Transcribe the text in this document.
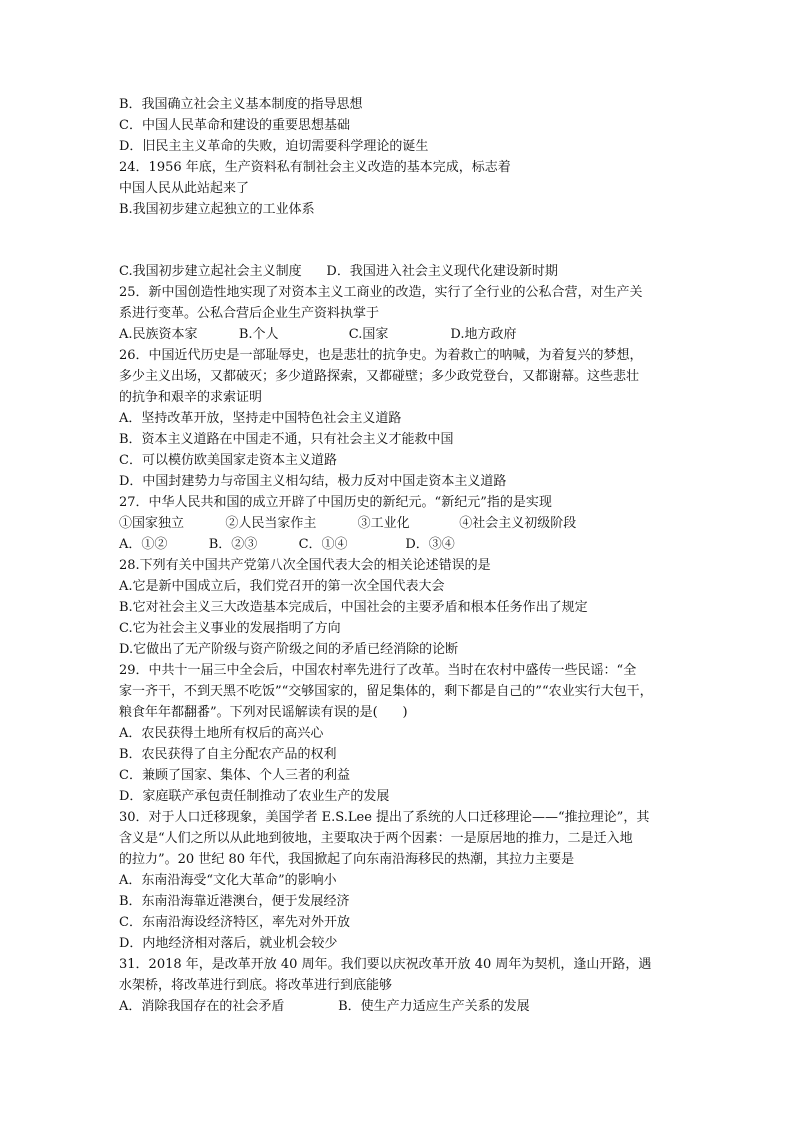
B．我国确立社会主义基本制度的指导思想
C．中国人民革命和建设的重要思想基础
D．旧民主主义革命的失败，迫切需要科学理论的诞生
24．1956 年底，生产资料私有制社会主义改造的基本完成，标志着
中国人民从此站起来了
B.我国初步建立起独立的工业体系
C.我国初步建立起社会主义制度      D．我国进入社会主义现代化建设新时期
25．新中国创造性地实现了对资本主义工商业的改造，实行了全行业的公私合营，对生产关
系进行变革。公私合营后企业生产资料执掌于
A.民族资本家          B.个人                 C.国家               D.地方政府
26．中国近代历史是一部耻辱史，也是悲壮的抗争史。为着救亡的呐喊，为着复兴的梦想，
多少主义出场，又都破灭；多少道路探索，又都碰壁；多少政党登台，又都谢幕。这些悲壮
的抗争和艰辛的求索证明
A．坚持改革开放，坚持走中国特色社会主义道路
B．资本主义道路在中国走不通，只有社会主义才能救中国
C．可以模仿欧美国家走资本主义道路
D．中国封建势力与帝国主义相勾结，极力反对中国走资本主义道路
27．中华人民共和国的成立开辟了中国历史的新纪元。“新纪元”指的是实现
①国家独立          ②人民当家作主          ③工业化            ④社会主义初级阶段
A．①②          B．②③          C．①④              D．③④
28.下列有关中国共产党第八次全国代表大会的相关论述错误的是
A.它是新中国成立后，我们党召开的第一次全国代表大会
B.它对社会主义三大改造基本完成后，中国社会的主要矛盾和根本任务作出了规定
C.它为社会主义事业的发展指明了方向
D.它做出了无产阶级与资产阶级之间的矛盾已经消除的论断
29．中共十一届三中全会后，中国农村率先进行了改革。当时在农村中盛传一些民谣：“全
家一齐干，不到天黑不吃饭”“交够国家的，留足集体的，剩下都是自己的”“农业实行大包干，
粮食年年都翻番”。下列对民谣解读有误的是(      )
A．农民获得土地所有权后的高兴心
B．农民获得了自主分配农产品的权利
C．兼顾了国家、集体、个人三者的利益
D．家庭联产承包责任制推动了农业生产的发展
30．对于人口迁移现象，美国学者 E.S.Lee 提出了系统的人口迁移理论——“推拉理论”，其
含义是“人们之所以从此地到彼地，主要取决于两个因素：一是原居地的推力，二是迁入地
的拉力”。20 世纪 80 年代，我国掀起了向东南沿海移民的热潮，其拉力主要是
A．东南沿海受“文化大革命”的影响小
B．东南沿海靠近港澳台，便于发展经济
C．东南沿海设经济特区，率先对外开放
D．内地经济相对落后，就业机会较少
31．2018 年，是改革开放 40 周年。我们要以庆祝改革开放 40 周年为契机，逢山开路，遇
水架桥，将改革进行到底。将改革进行到底能够
A．消除我国存在的社会矛盾             B．使生产力适应生产关系的发展
